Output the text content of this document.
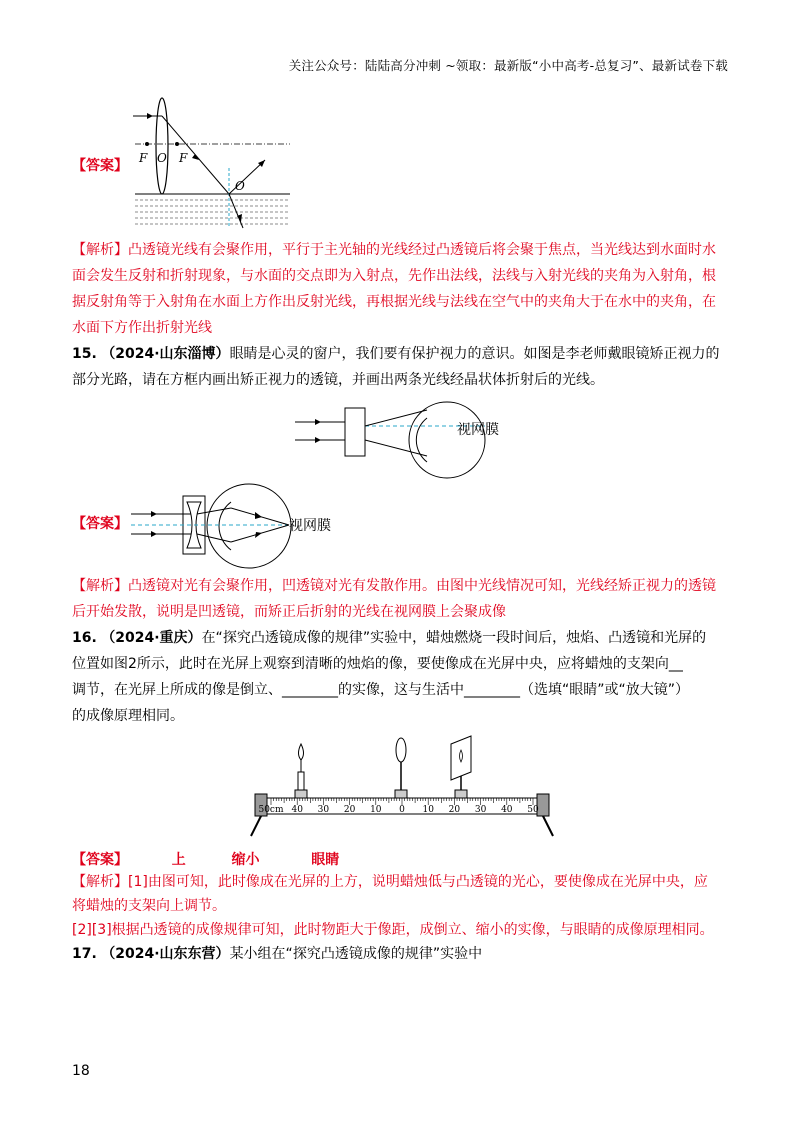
关注公众号：陆陆高分冲刺 ~领取：最新版“小中高考-总复习”、最新试卷下载
【答案】 F O F
O
【解析】凸透镜光线有会聚作用，平行于主光轴的光线经过凸透镜后将会聚于焦点，当光线达到水面时水
面会发生反射和折射现象，与水面的交点即为入射点，先作出法线，法线与入射光线的夹角为入射角，根
据反射角等于入射角在水面上方作出反射光线，再根据光线与法线在空气中的夹角大于在水中的夹角，在
水面下方作出折射光线
15. （2024·山东淄博）眼睛是心灵的窗户，我们要有保护视力的意识。如图是李老师戴眼镜矫正视力的
部分光路，请在方框内画出矫正视力的透镜，并画出两条光线经晶状体折射后的光线。
视网膜
【答案】	视网膜
【解析】凸透镜对光有会聚作用，凹透镜对光有发散作用。由图中光线情况可知，光线经矫正视力的透镜
后开始发散，说明是凹透镜，而矫正后折射的光线在视网膜上会聚成像
16. （2024·重庆）在“探究凸透镜成像的规律”实验中，蜡烛燃烧一段时间后，烛焰、凸透镜和光屏的
位置如图2所示，此时在光屏上观察到清晰的烛焰的像，要使像成在光屏中央，应将蜡烛的支架向__
调节，在光屏上所成的像是倒立、________的实像，这与生活中________（选填“眼睛”或“放大镜”）
的成像原理相同。
50cm 40 30 20 10 0 10 20 30 40 50
【答案】	上	缩小	眼睛
【解析】[1]由图可知，此时像成在光屏的上方，说明蜡烛低与凸透镜的光心，要使像成在光屏中央，应
将蜡烛的支架向上调节。
[2][3]根据凸透镜的成像规律可知，此时物距大于像距，成倒立、缩小的实像，与眼睛的成像原理相同。
17. （2024·山东东营）某小组在“探究凸透镜成像的规律”实验中
18
